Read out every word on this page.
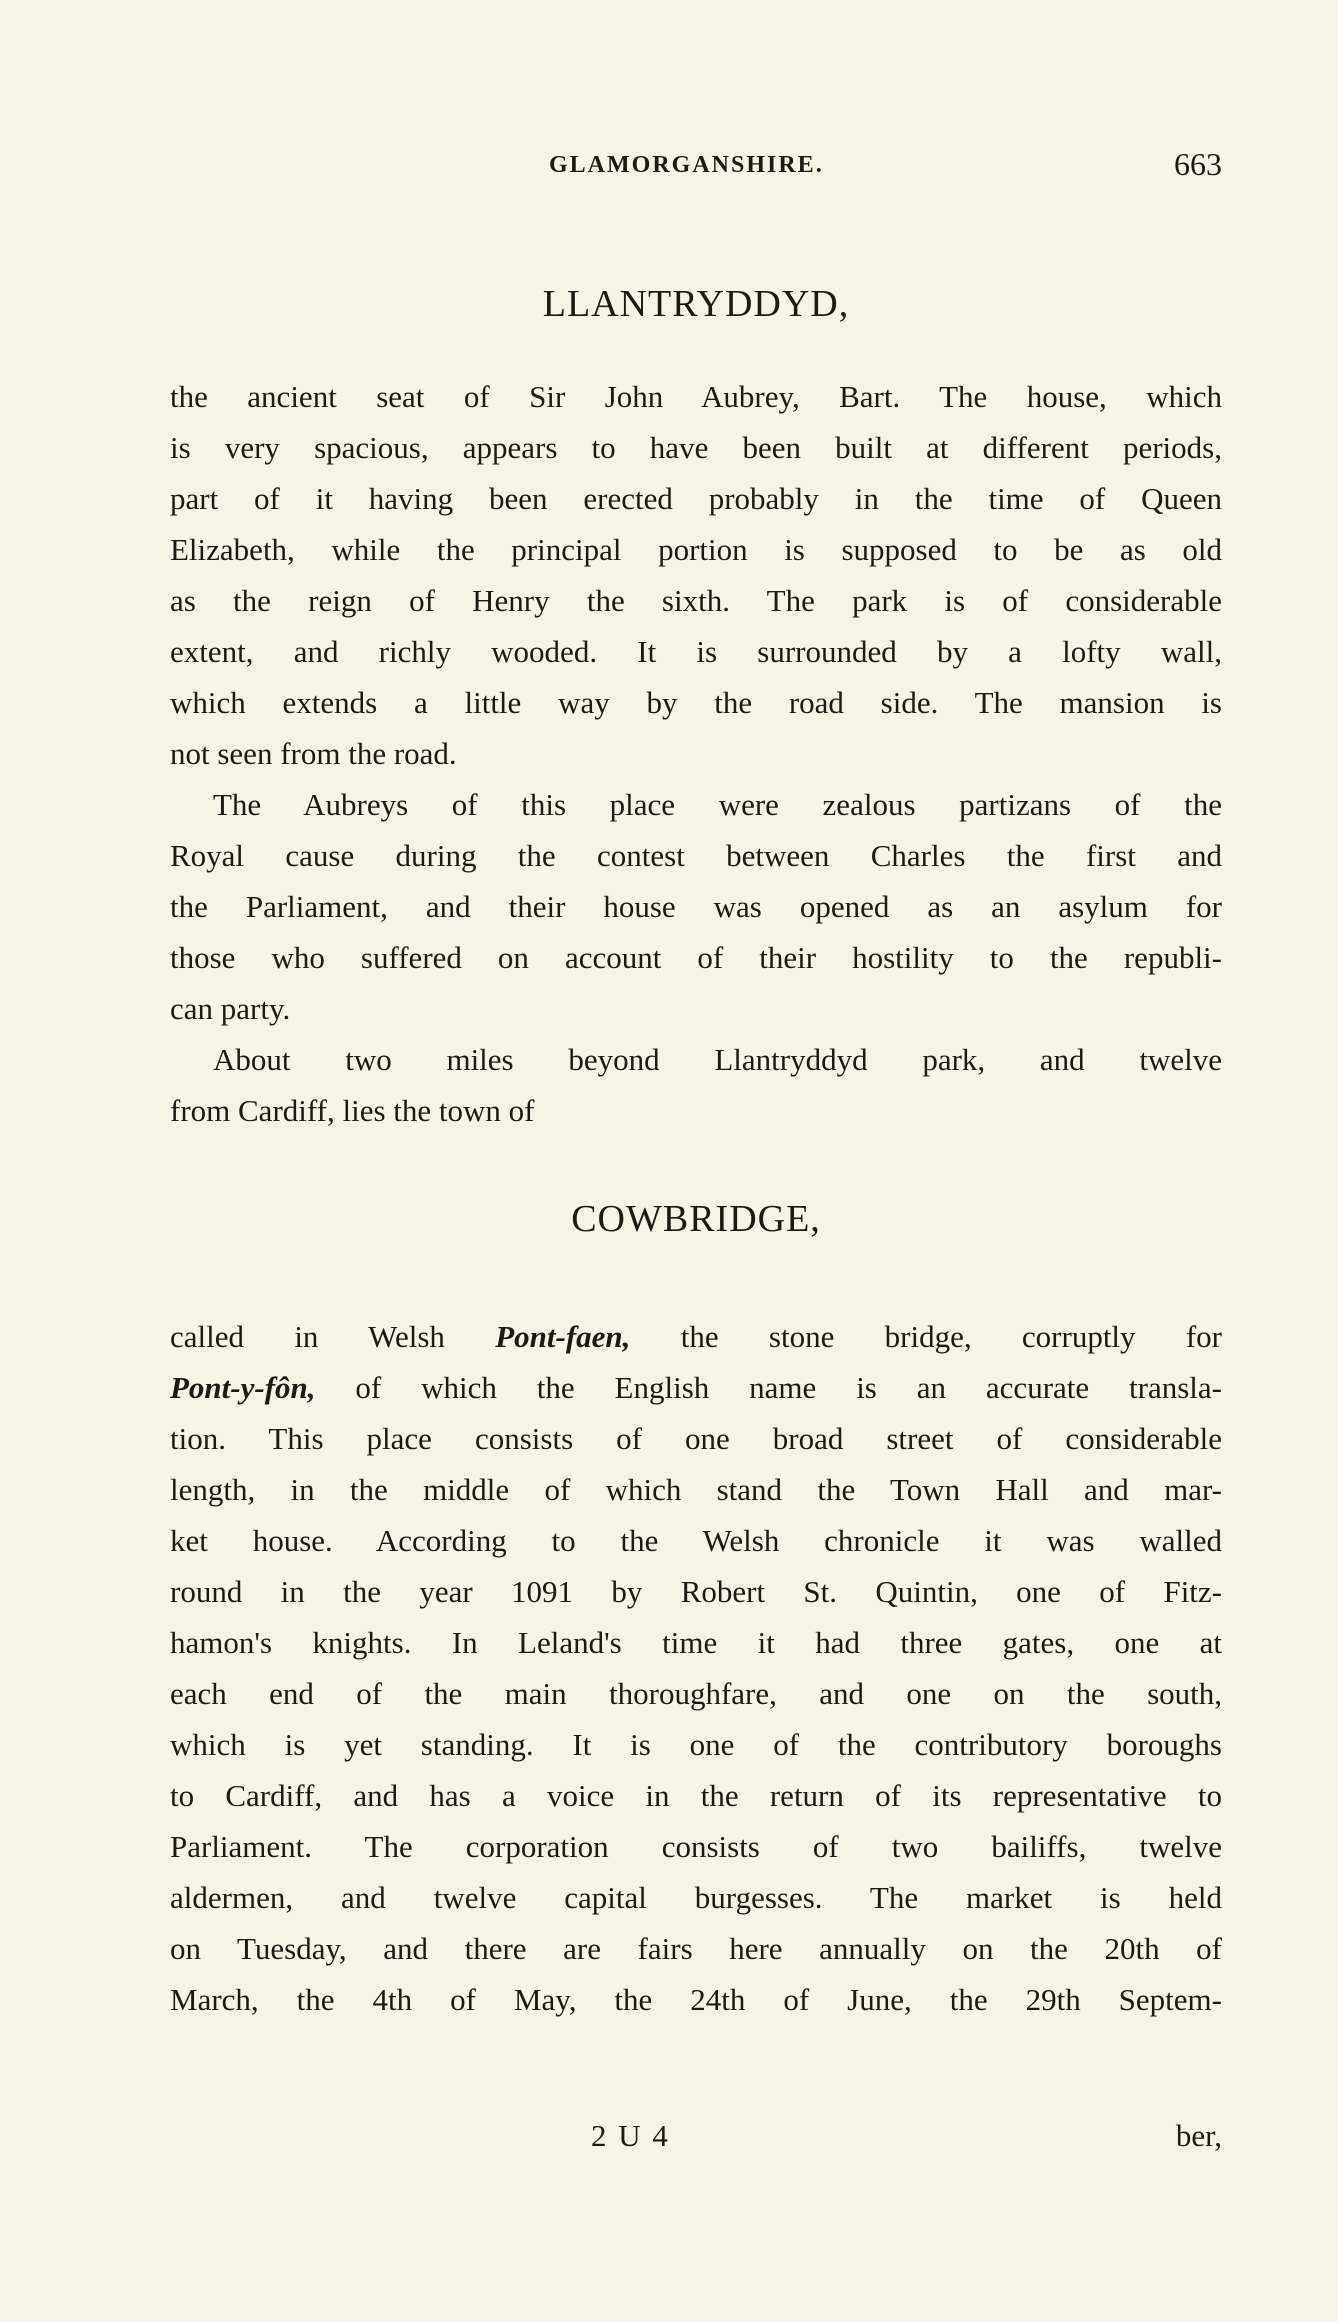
GLAMORGANSHIRE.	663
LLANTRYDDYD,
the ancient seat of Sir John Aubrey, Bart. The house, which
is very spacious, appears to have been built at different periods,
part of it having been erected probably in the time of Queen
Elizabeth, while the principal portion is supposed to be as old
as the reign of Henry the sixth. The park is of considerable
extent, and richly wooded. It is surrounded by a lofty wall,
which extends a little way by the road side. The mansion is
not seen from the road.
The Aubreys of this place were zealous partizans of the
Royal cause during the contest between Charles the first and
the Parliament, and their house was opened as an asylum for
those who suffered on account of their hostility to the republi-
can party.
About two miles beyond Llantryddyd park, and twelve
from Cardiff, lies the town of
COWBRIDGE,
called in Welsh Pont-faen, the stone bridge, corruptly for
Pont-y-fôn, of which the English name is an accurate transla-
tion. This place consists of one broad street of considerable
length, in the middle of which stand the Town Hall and mar-
ket house. According to the Welsh chronicle it was walled
round in the year 1091 by Robert St. Quintin, one of Fitz-
hamon's knights. In Leland's time it had three gates, one at
each end of the main thoroughfare, and one on the south,
which is yet standing. It is one of the contributory boroughs
to Cardiff, and has a voice in the return of its representative to
Parliament. The corporation consists of two bailiffs, twelve
aldermen, and twelve capital burgesses. The market is held
on Tuesday, and there are fairs here annually on the 20th of
March, the 4th of May, the 24th of June, the 29th Septem-
2 U 4	ber,
